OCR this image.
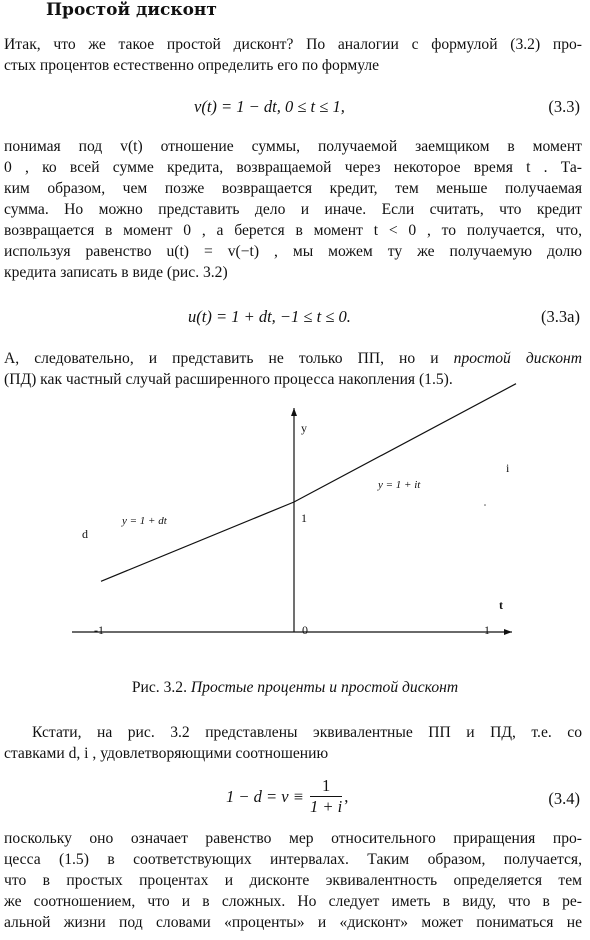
Простой дисконт
Итак, что же такое простой дисконт? По аналогии с формулой (3.2) про-
стых процентов естественно определить его по формуле
v(t) = 1 − dt, 0 ≤ t ≤ 1,	(3.3)
понимая под v(t) отношение суммы, получаемой заемщиком в момент
0 , ко всей сумме кредита, возвращаемой через некоторое время t . Та-
ким образом, чем позже возвращается кредит, тем меньше получаемая
сумма. Но можно представить дело и иначе. Если считать, что кредит
возвращается в момент 0 , а берется в момент t < 0 , то получается, что,
используя равенство u(t) = v(−t) , мы можем ту же получаемую долю
кредита записать в виде (рис. 3.2)
u(t) = 1 + dt, −1 ≤ t ≤ 0.	(3.3a)
А, следовательно, и представить не только ПП, но и простой дисконт
(ПД) как частный случай расширенного процесса накопления (1.5).
y
t
-1	0	1
1
d
i
y = 1 + dt
y = 1 + it
Рис. 3.2. Простые проценты и простой дисконт
Кстати, на рис. 3.2 представлены эквивалентные ПП и ПД, т.е. со
ставками d, i , удовлетворяющими соотношению
$1 - d = v \equiv \frac{1}{1 + i}$ ,	(3.4)
поскольку оно означает равенство мер относительного приращения про-
цесса (1.5) в соответствующих интервалах. Таким образом, получается,
что в простых процентах и дисконте эквивалентность определяется тем
же соотношением, что и в сложных. Но следует иметь в виду, что в ре-
альной жизни под словами «проценты» и «дисконт» может пониматься не
